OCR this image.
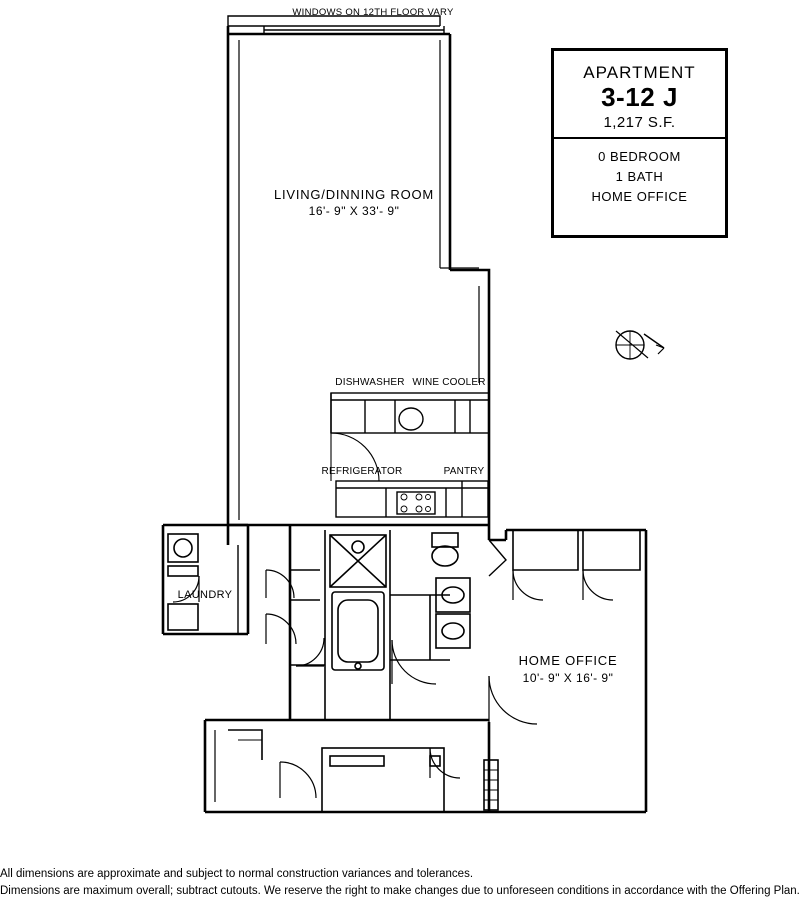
APARTMENT
3-12 J
1,217 S.F.
0 BEDROOM
1 BATH
HOME OFFICE
WINDOWS ON 12TH FLOOR VARY
LIVING/DINNING ROOM
16'- 9" X 33'- 9"
DISHWASHER WINE COOLER
REFRIGERATOR	PANTRY
LAUNDRY
HOME OFFICE
10'- 9" X 16'- 9"
All dimensions are approximate and subject to normal construction variances and tolerances.
Dimensions are maximum overall; subtract cutouts. We reserve the right to make changes due to unforeseen conditions in accordance with the Offering Plan.
